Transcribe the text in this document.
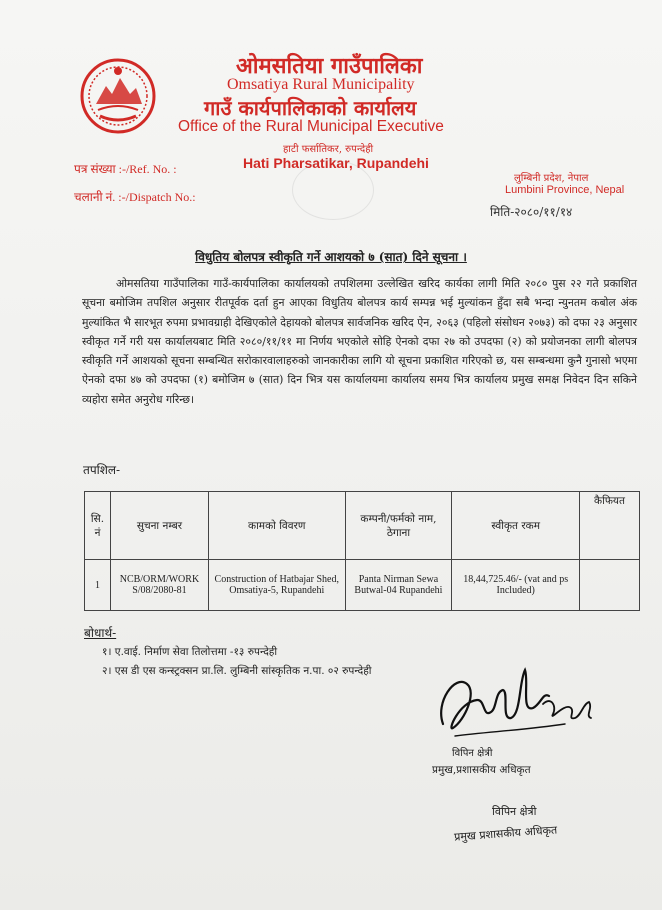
ओमसतिया गाउँपालिका
Omsatiya Rural Municipality
गाउँ कार्यपालिकाको कार्यालय
Office of the Rural Municipal Executive
हाटी फर्सातिकर, रुपन्देही
Hati Pharsatikar, Rupandehi
पत्र संख्या :-/Ref. No. :
चलानी नं. :-/Dispatch No.:
लुम्बिनी प्रदेश, नेपाल
Lumbini Province, Nepal
मिति-२०८०/११/१४
विधुतिय बोलपत्र स्वीकृति गर्ने आशयको ७ (सात) दिने सूचना ।
ओमसतिया गाउँपालिका गाउँ-कार्यपालिका कार्यालयको तपशिलमा उल्लेखित खरिद कार्यका लागी मिति २०८० पुस २२ गते प्रकाशित सूचना बमोजिम तपशिल अनुसार रीतपूर्वक दर्ता हुन आएका विधुतिय बोलपत्र कार्य सम्पन्न भई मुल्यांकन हुँदा सबै भन्दा न्युनतम कबोल अंक मुल्यांकित भै सारभूत रुपमा प्रभावग्राही देखिएकोले देहायको बोलपत्र सार्वजनिक खरिद ऐन, २०६३ (पहिलो संसोधन २०७३) को दफा २३ अनुसार स्वीकृत गर्ने गरी यस कार्यालयबाट मिति २०८०/११/११ मा निर्णय भएकोले सोहि ऐनको दफा २७ को उपदफा (२) को प्रयोजनका लागी बोलपत्र स्वीकृति गर्ने आशयको सूचना सम्बन्धित सरोकारवालाहरुको जानकारीका लागि यो सूचना प्रकाशित गरिएको छ, यस सम्बन्धमा कुनै गुनासो भएमा ऐनको दफा ४७ को उपदफा (१) बमोजिम ७ (सात) दिन भित्र यस कार्यालयमा कार्यालय समय भित्र कार्यालय प्रमुख समक्ष निवेदन दिन सकिने व्यहोरा समेत अनुरोध गरिन्छ।
तपशिल-
सि. नं	सुचना नम्बर	कामको विवरण	कम्पनी/फर्मको नाम, ठेगाना	स्वीकृत रकम	कैफियत
1	NCB/ORM/WORK S/08/2080-81	Construction of Hatbajar Shed, Omsatiya-5, Rupandehi	Panta Nirman Sewa Butwal-04 Rupandehi	18,44,725.46/- (vat and ps Included)	
बोधार्थ-
१। ए.वाई. निर्माण सेवा तिलोत्तमा -१३ रुपन्देही
२। एस डी एस कन्स्ट्रक्सन प्रा.लि. लुम्बिनी सांस्कृतिक न.पा. ०२ रुपन्देही
विपिन क्षेत्री
प्रमुख,प्रशासकीय अधिकृत
विपिन क्षेत्री
प्रमुख प्रशासकीय अधिकृत
